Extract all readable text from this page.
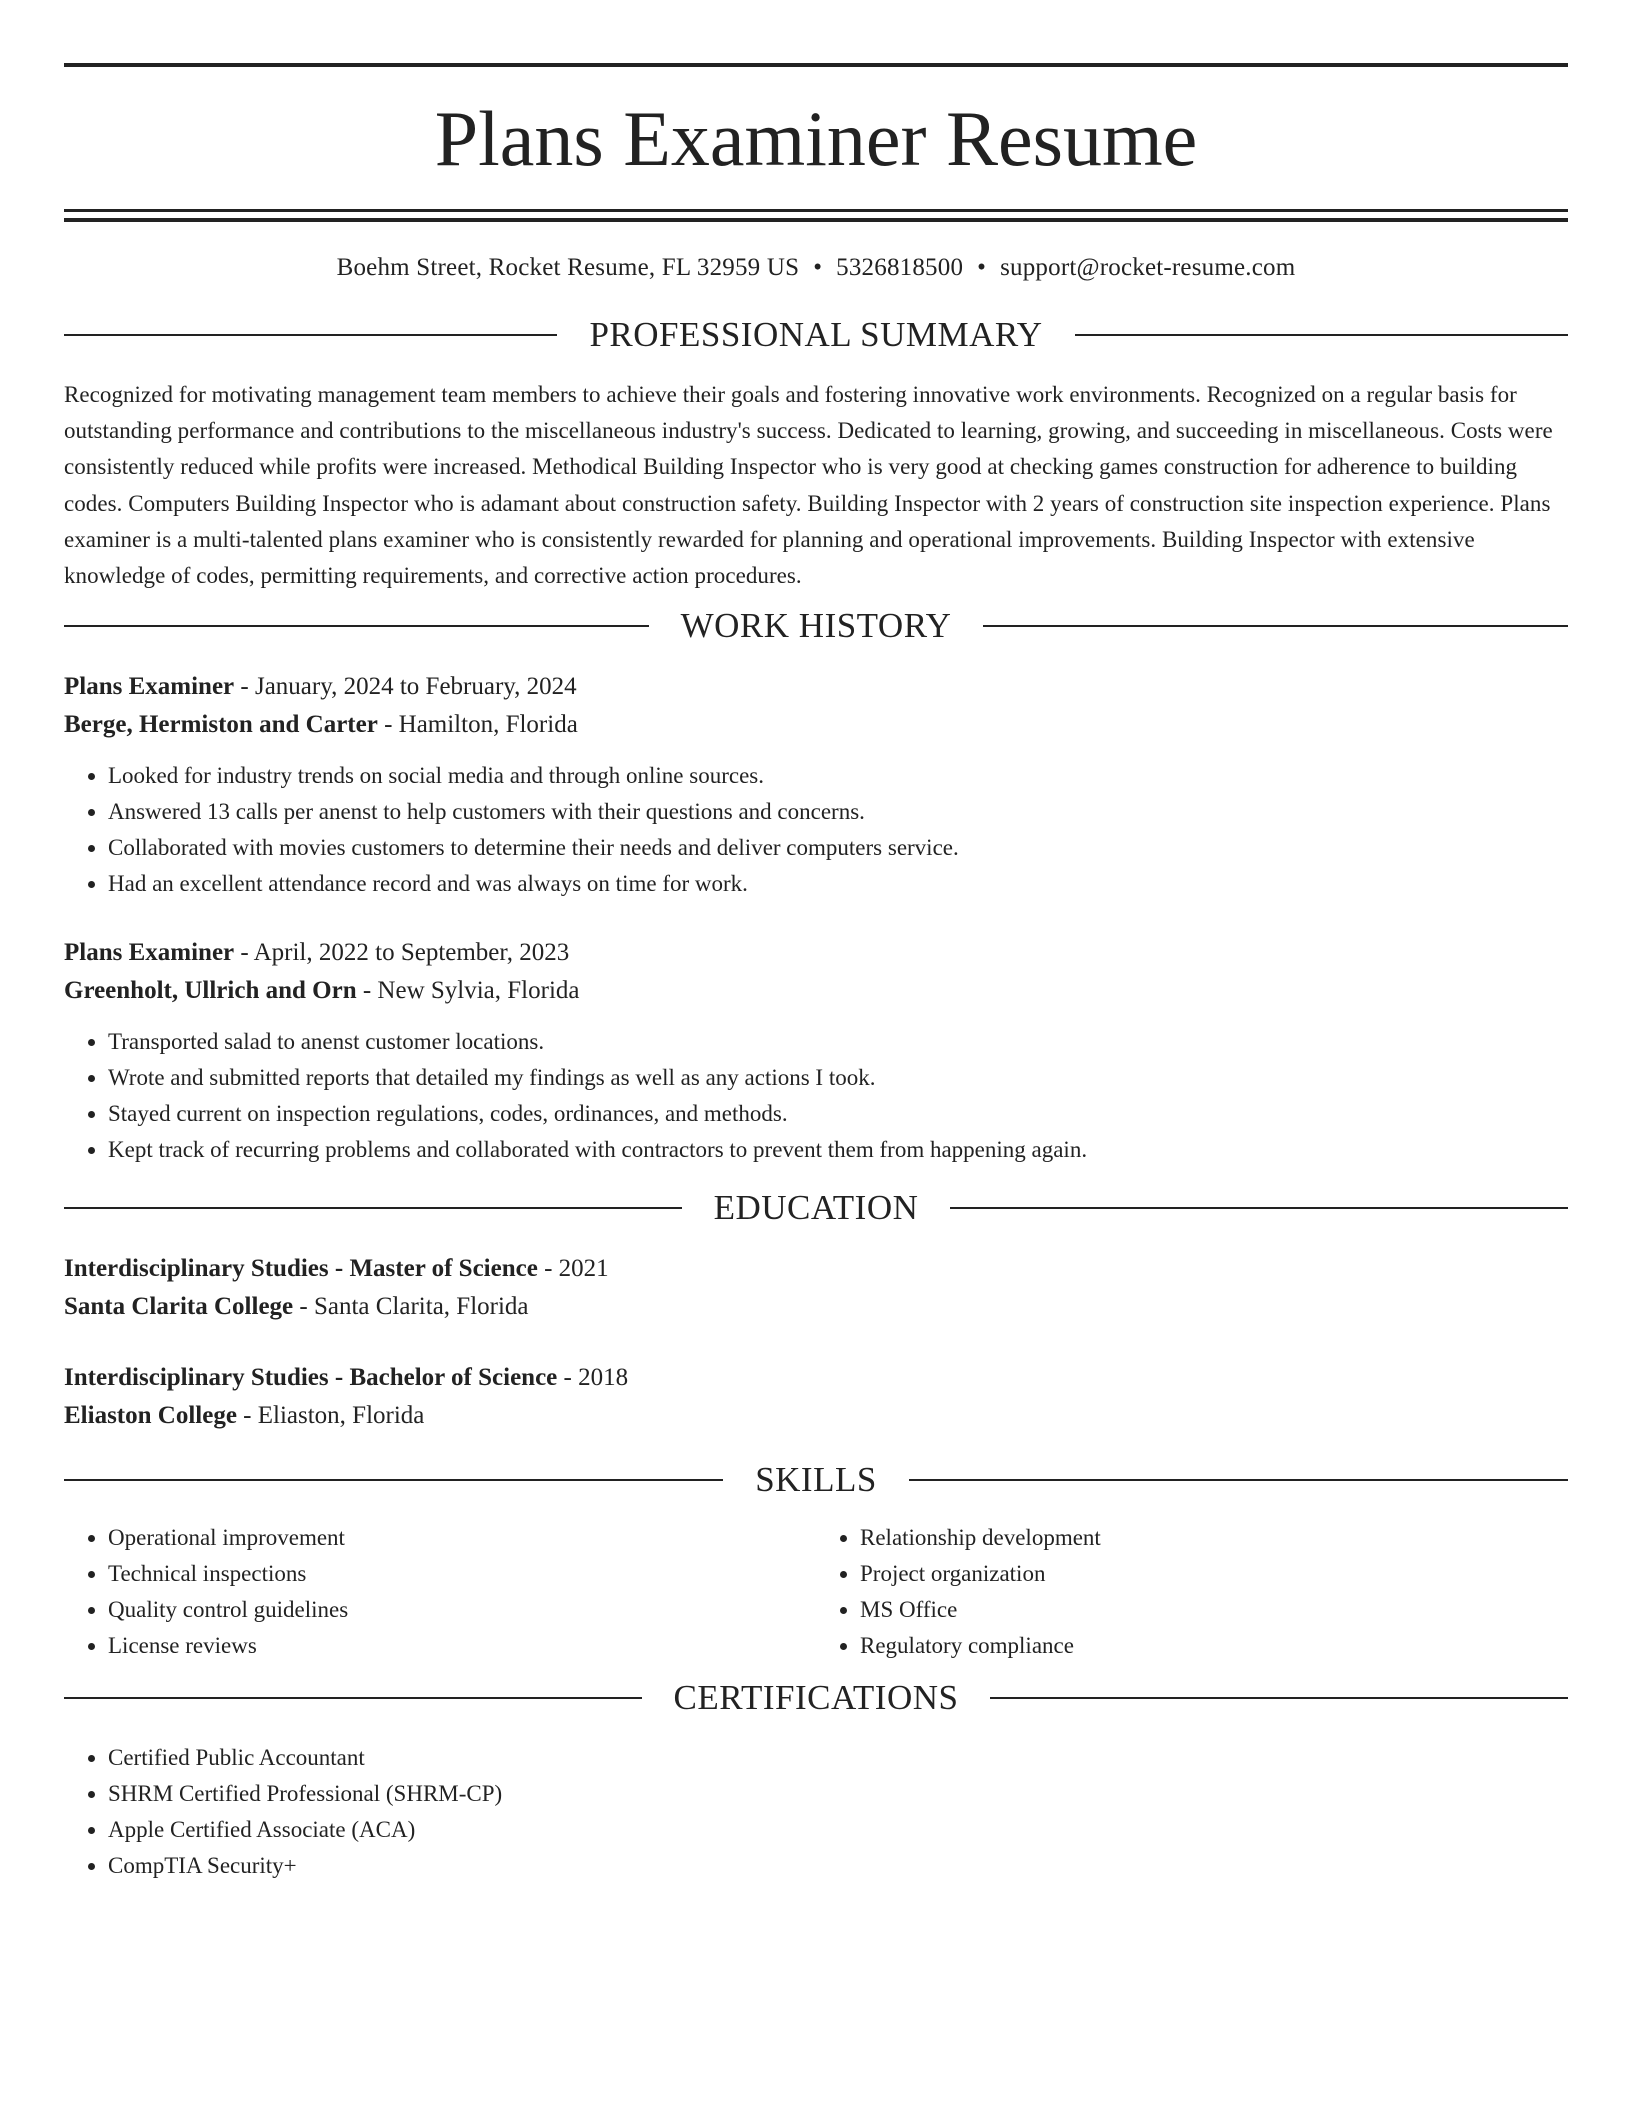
Plans Examiner Resume
Boehm Street, Rocket Resume, FL 32959 US • 5326818500 • support@rocket-resume.com
PROFESSIONAL SUMMARY
Recognized for motivating management team members to achieve their goals and fostering innovative work environments. Recognized on a regular basis for outstanding performance and contributions to the miscellaneous industry's success. Dedicated to learning, growing, and succeeding in miscellaneous. Costs were consistently reduced while profits were increased. Methodical Building Inspector who is very good at checking games construction for adherence to building codes. Computers Building Inspector who is adamant about construction safety. Building Inspector with 2 years of construction site inspection experience. Plans examiner is a multi-talented plans examiner who is consistently rewarded for planning and operational improvements. Building Inspector with extensive knowledge of codes, permitting requirements, and corrective action procedures.
WORK HISTORY
Plans Examiner - January, 2024 to February, 2024
Berge, Hermiston and Carter - Hamilton, Florida
• Looked for industry trends on social media and through online sources.
• Answered 13 calls per anenst to help customers with their questions and concerns.
• Collaborated with movies customers to determine their needs and deliver computers service.
• Had an excellent attendance record and was always on time for work.
Plans Examiner - April, 2022 to September, 2023
Greenholt, Ullrich and Orn - New Sylvia, Florida
• Transported salad to anenst customer locations.
• Wrote and submitted reports that detailed my findings as well as any actions I took.
• Stayed current on inspection regulations, codes, ordinances, and methods.
• Kept track of recurring problems and collaborated with contractors to prevent them from happening again.
EDUCATION
Interdisciplinary Studies - Master of Science - 2021
Santa Clarita College - Santa Clarita, Florida
Interdisciplinary Studies - Bachelor of Science - 2018
Eliaston College - Eliaston, Florida
SKILLS
• Operational improvement
• Technical inspections
• Quality control guidelines
• License reviews
• Relationship development
• Project organization
• MS Office
• Regulatory compliance
CERTIFICATIONS
• Certified Public Accountant
• SHRM Certified Professional (SHRM-CP)
• Apple Certified Associate (ACA)
• CompTIA Security+
